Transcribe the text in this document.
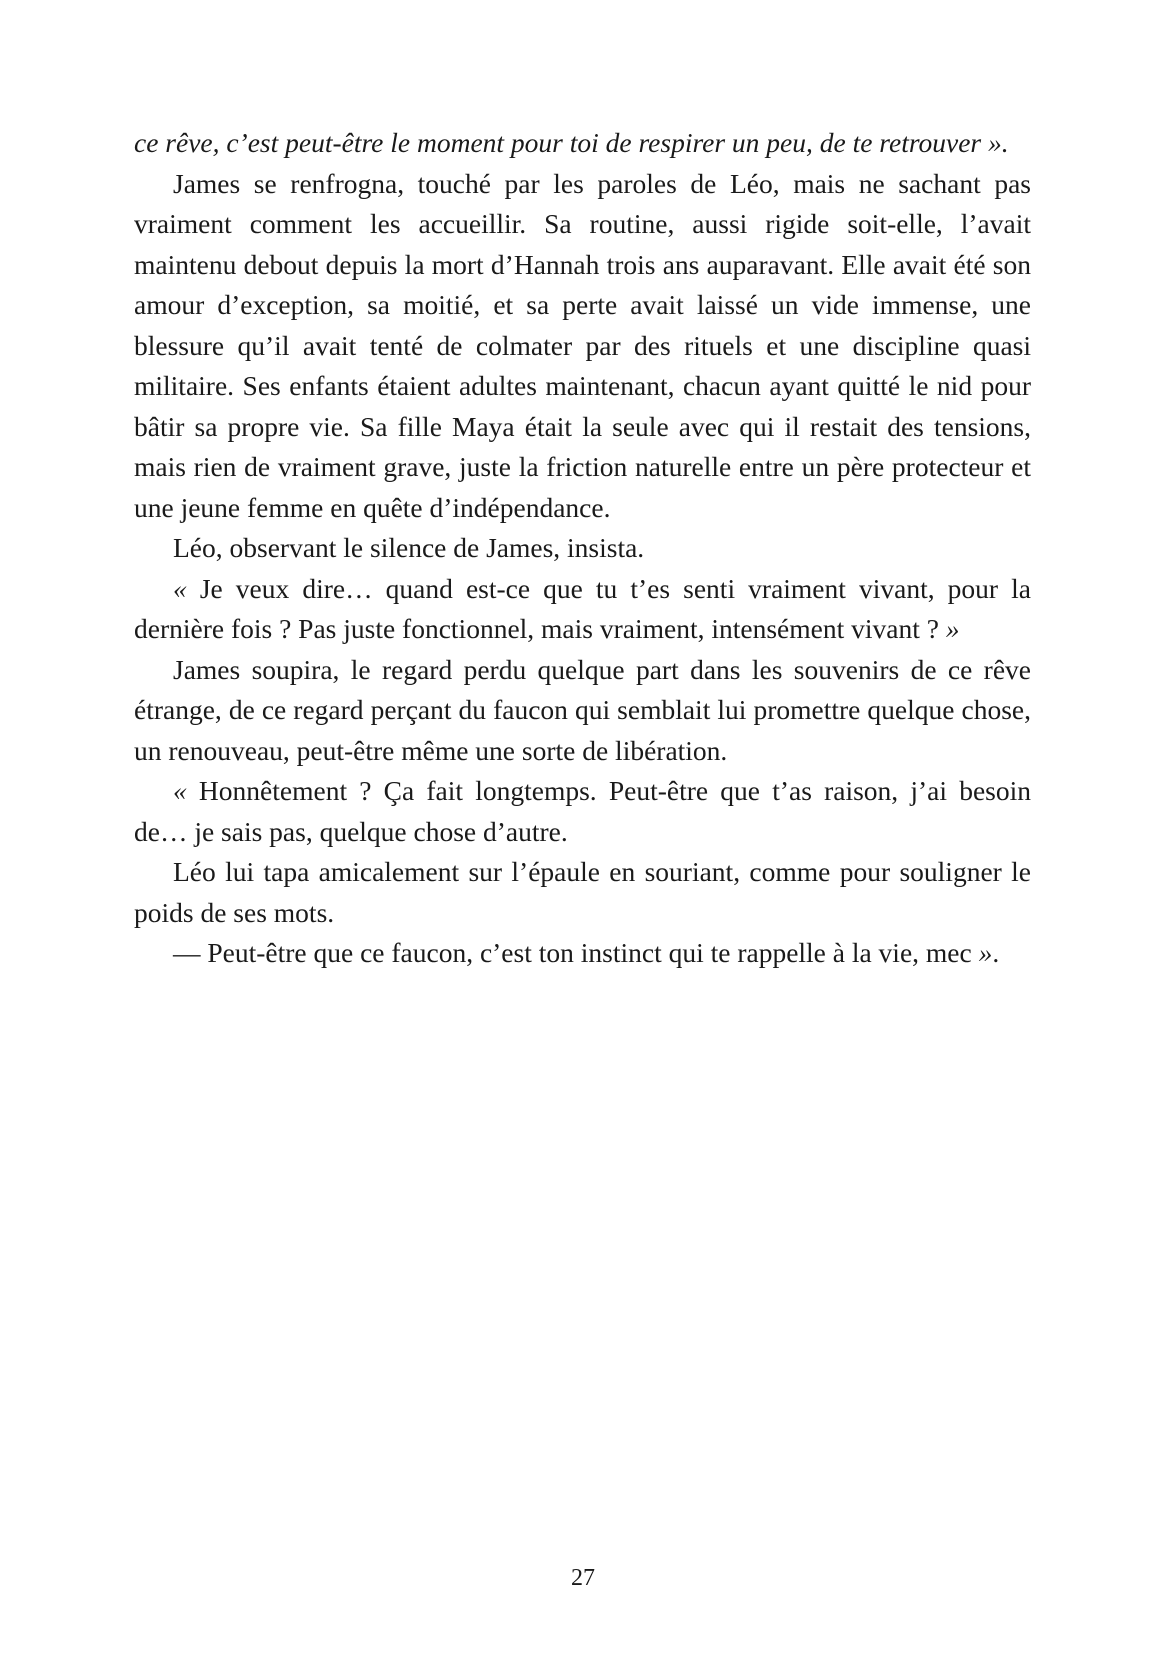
ce rêve, c’est peut-être le moment pour toi de respirer un peu, de te retrouver ».

James se renfrogna, touché par les paroles de Léo, mais ne sachant pas vraiment comment les accueillir. Sa routine, aussi rigide soit-elle, l’avait maintenu debout depuis la mort d’Hannah trois ans auparavant. Elle avait été son amour d’exception, sa moitié, et sa perte avait laissé un vide immense, une blessure qu’il avait tenté de colmater par des rituels et une discipline quasi militaire. Ses enfants étaient adultes maintenant, chacun ayant quitté le nid pour bâtir sa propre vie. Sa fille Maya était la seule avec qui il restait des tensions, mais rien de vraiment grave, juste la friction naturelle entre un père protecteur et une jeune femme en quête d’indépendance.

Léo, observant le silence de James, insista.

« Je veux dire… quand est-ce que tu t’es senti vraiment vivant, pour la dernière fois ? Pas juste fonctionnel, mais vraiment, intensément vivant ? »

James soupira, le regard perdu quelque part dans les souvenirs de ce rêve étrange, de ce regard perçant du faucon qui semblait lui promettre quelque chose, un renouveau, peut-être même une sorte de libération.

« Honnêtement ? Ça fait longtemps. Peut-être que t’as raison, j’ai besoin de… je sais pas, quelque chose d’autre.

Léo lui tapa amicalement sur l’épaule en souriant, comme pour souligner le poids de ses mots.

— Peut-être que ce faucon, c’est ton instinct qui te rappelle à la vie, mec ».

27
